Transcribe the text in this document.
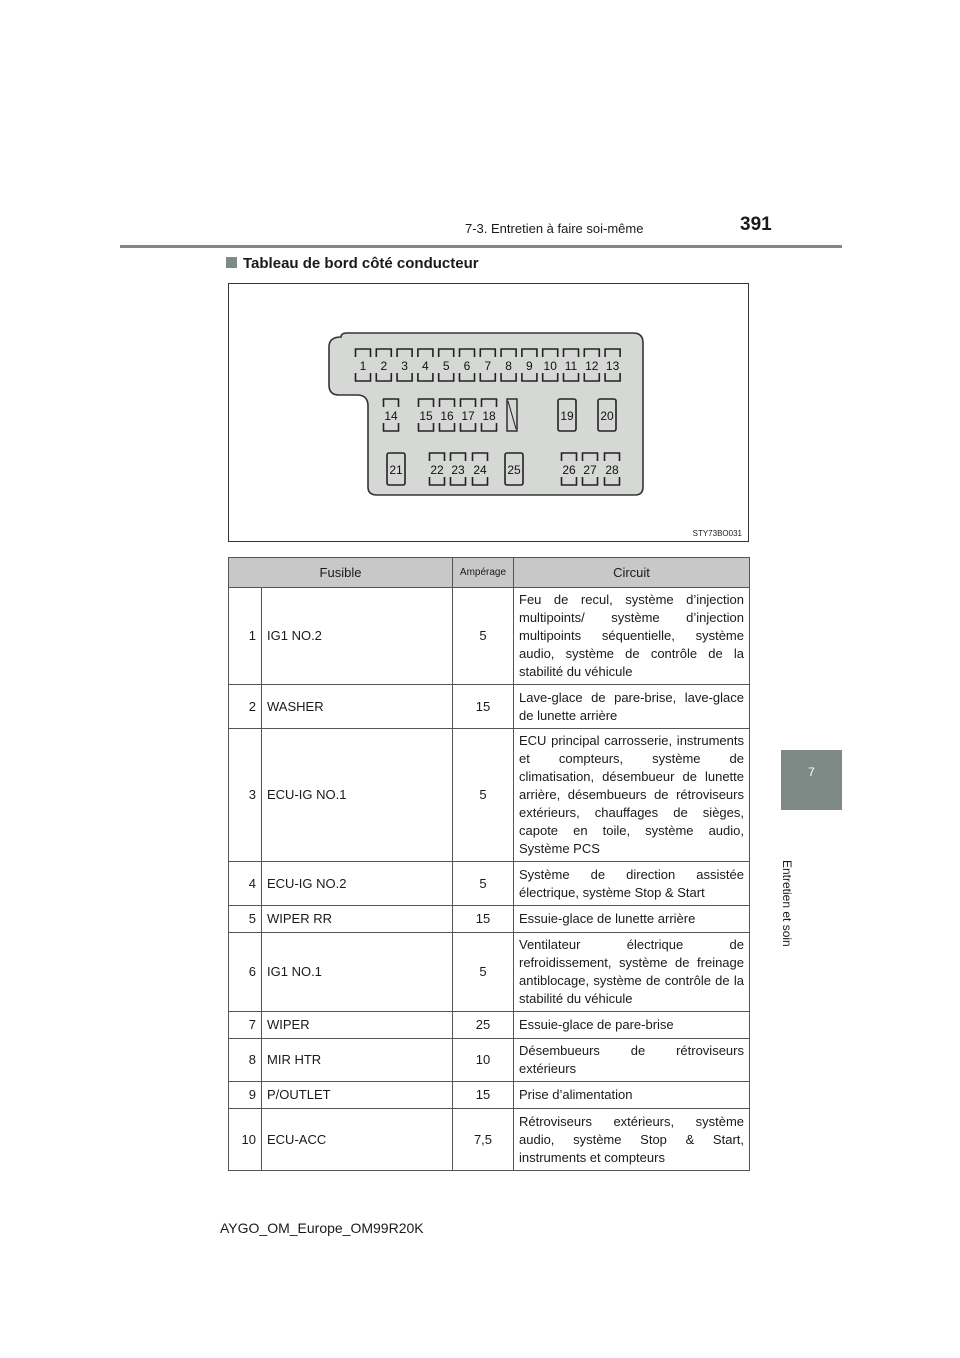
7-3. Entretien à faire soi-même	391
7
Entretien et soin
Tableau de bord côté conducteur
1 2 3 4 5 6 7 8 9 10 11 12 13
14 15 16 17 18	19 20
21 22 23 24 25	26 27 28
STY73BO031
Fusible		Ampérage	Circuit
1	IG1 NO.2	5	Feu de recul, système d’injection multipoints/ système d’injection multipoints séquentielle, système audio, système de contrôle de la stabilité du véhicule
2	WASHER	15	Lave-glace de pare-brise, lave-glace de lunette arrière
3	ECU-IG NO.1	5	ECU principal carrosserie, instruments et compteurs, système de climatisation, désembueur de lunette arrière, désembueurs de rétroviseurs extérieurs, chauffages de sièges, capote en toile, système audio, Système PCS
4	ECU-IG NO.2	5	Système de direction assistée électrique, système Stop & Start
5	WIPER RR	15	Essuie-glace de lunette arrière
6	IG1 NO.1	5	Ventilateur électrique de refroidissement, système de freinage antiblocage, système de contrôle de la stabilité du véhicule
7	WIPER	25	Essuie-glace de pare-brise
8	MIR HTR	10	Désembueurs de rétroviseurs extérieurs
9	P/OUTLET	15	Prise d’alimentation
10	ECU-ACC	7,5	Rétroviseurs extérieurs, système audio, système Stop & Start, instruments et compteurs
AYGO_OM_Europe_OM99R20K
